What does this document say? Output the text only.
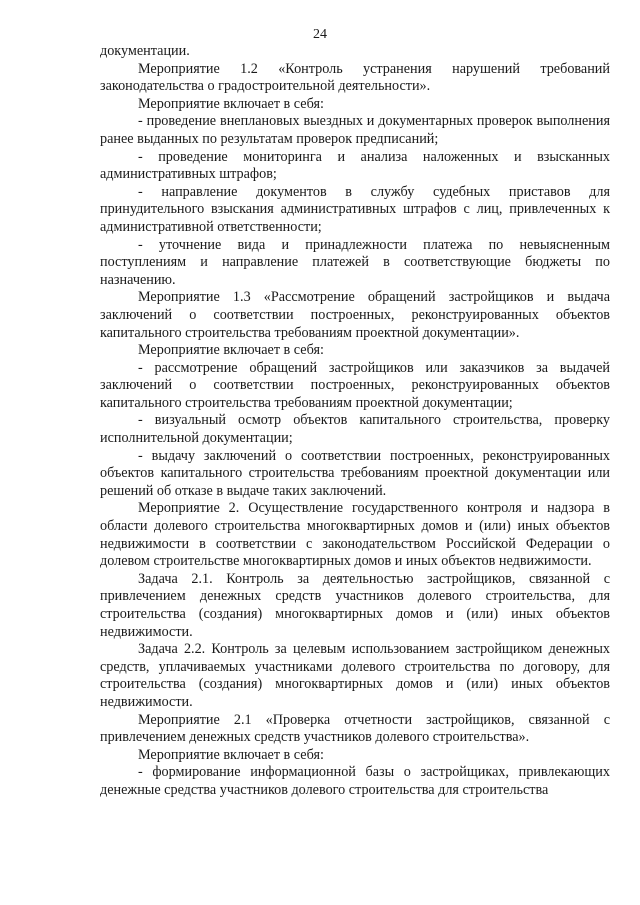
24

документации.

Мероприятие 1.2 «Контроль устранения нарушений требований законодательства о градостроительной деятельности».

Мероприятие включает в себя:

- проведение внеплановых выездных и документарных проверок выполнения ранее выданных по результатам проверок предписаний;

- проведение мониторинга и анализа наложенных и взысканных административных штрафов;

- направление документов в службу судебных приставов для принудительного взыскания административных штрафов с лиц, привлеченных к административной ответственности;

- уточнение вида и принадлежности платежа по невыясненным поступлениям и направление платежей в соответствующие бюджеты по назначению.

Мероприятие 1.3 «Рассмотрение обращений застройщиков и выдача заключений о соответствии построенных, реконструированных объектов капитального строительства требованиям проектной документации».

Мероприятие включает в себя:

- рассмотрение обращений застройщиков или заказчиков за выдачей заключений о соответствии построенных, реконструированных объектов капитального строительства требованиям проектной документации;

- визуальный осмотр объектов капитального строительства, проверку исполнительной документации;

- выдачу заключений о соответствии построенных, реконструированных объектов капитального строительства требованиям проектной документации или решений об отказе в выдаче таких заключений.

Мероприятие 2. Осуществление государственного контроля и надзора в области долевого строительства многоквартирных домов и (или) иных объектов недвижимости в соответствии с законодательством Российской Федерации о долевом строительстве многоквартирных домов и иных объектов недвижимости.

Задача 2.1. Контроль за деятельностью застройщиков, связанной с привлечением денежных средств участников долевого строительства, для строительства (создания) многоквартирных домов и (или) иных объектов недвижимости.

Задача 2.2. Контроль за целевым использованием застройщиком денежных средств, уплачиваемых участниками долевого строительства по договору, для строительства (создания) многоквартирных домов и (или) иных объектов недвижимости.

Мероприятие 2.1 «Проверка отчетности застройщиков, связанной с привлечением денежных средств участников долевого строительства».

Мероприятие включает в себя:

- формирование информационной базы о застройщиках, привлекающих денежные средства участников долевого строительства для строительства
